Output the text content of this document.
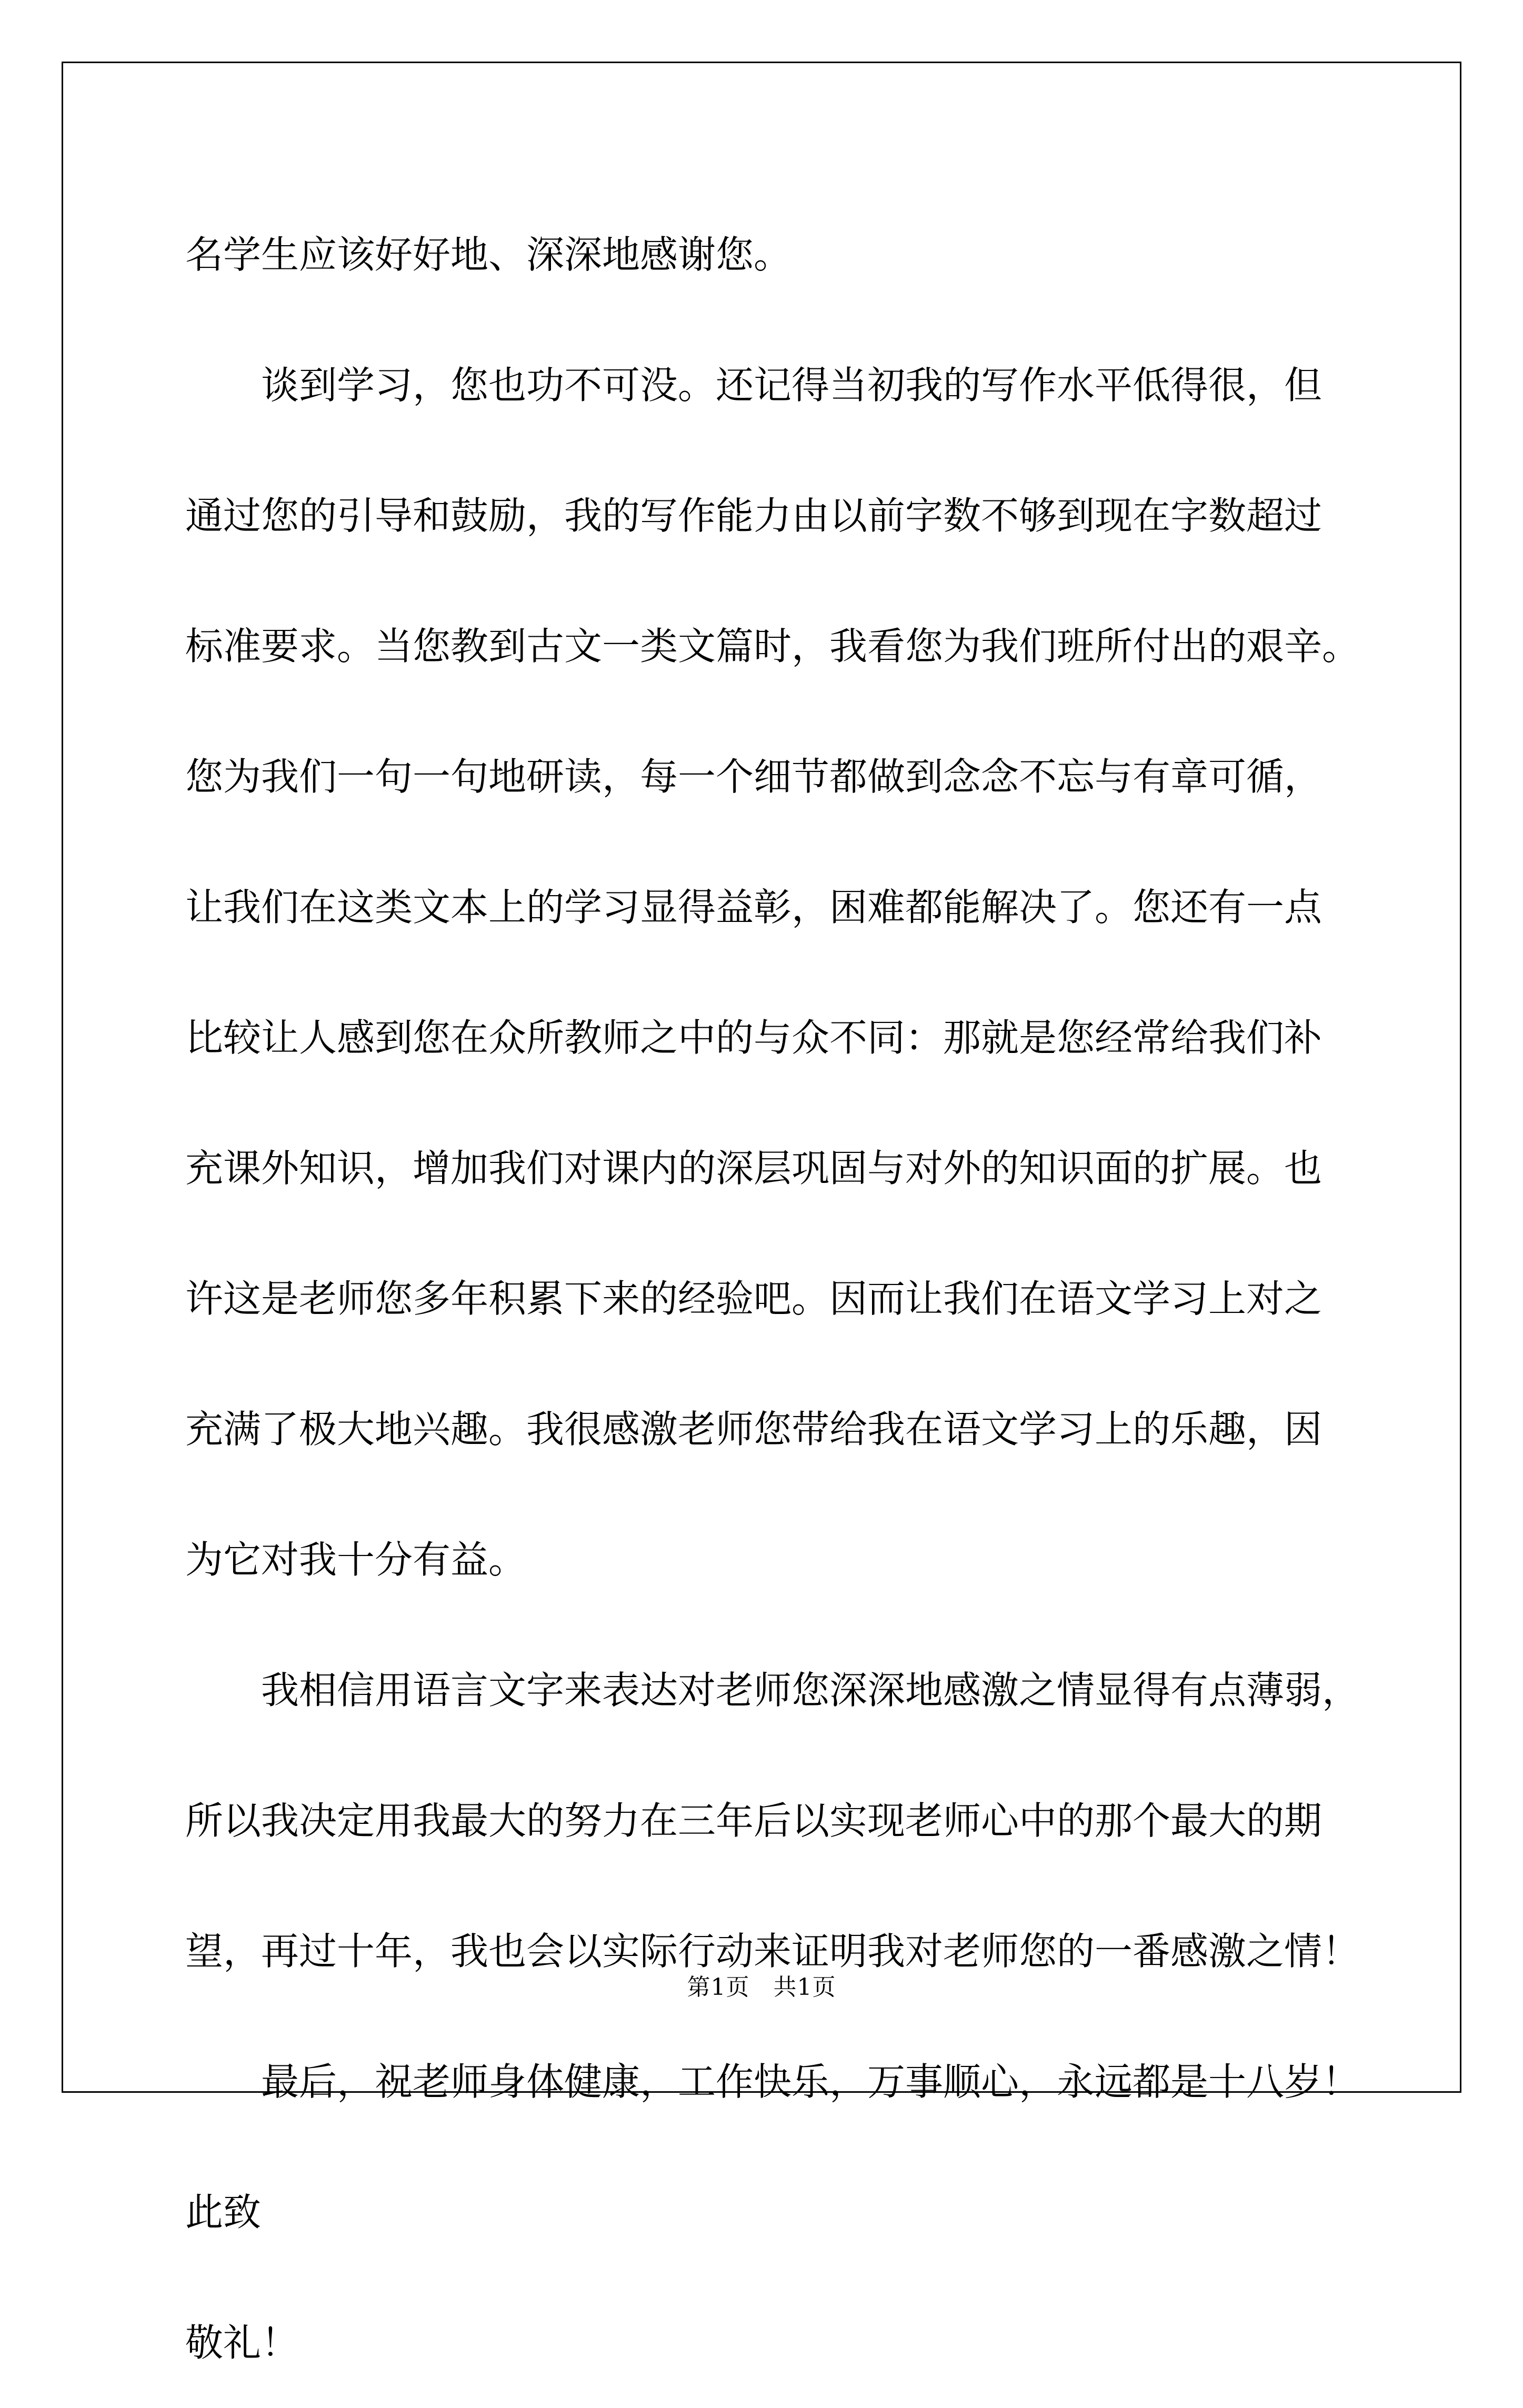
名学生应该好好地、深深地感谢您。
谈到学习，您也功不可没。还记得当初我的写作水平低得很，但
通过您的引导和鼓励，我的写作能力由以前字数不够到现在字数超过
标准要求。当您教到古文一类文篇时，我看您为我们班所付出的艰辛。
您为我们一句一句地研读，每一个细节都做到念念不忘与有章可循，
让我们在这类文本上的学习显得益彰，困难都能解决了。您还有一点
比较让人感到您在众所教师之中的与众不同：那就是您经常给我们补
充课外知识，增加我们对课内的深层巩固与对外的知识面的扩展。也
许这是老师您多年积累下来的经验吧。因而让我们在语文学习上对之
充满了极大地兴趣。我很感激老师您带给我在语文学习上的乐趣，因
为它对我十分有益。
我相信用语言文字来表达对老师您深深地感激之情显得有点薄弱，
所以我决定用我最大的努力在三年后以实现老师心中的那个最大的期
望，再过十年，我也会以实际行动来证明我对老师您的一番感激之情！
最后，祝老师身体健康，工作快乐，万事顺心，永远都是十八岁！
此致
敬礼！
第1页　共1页
